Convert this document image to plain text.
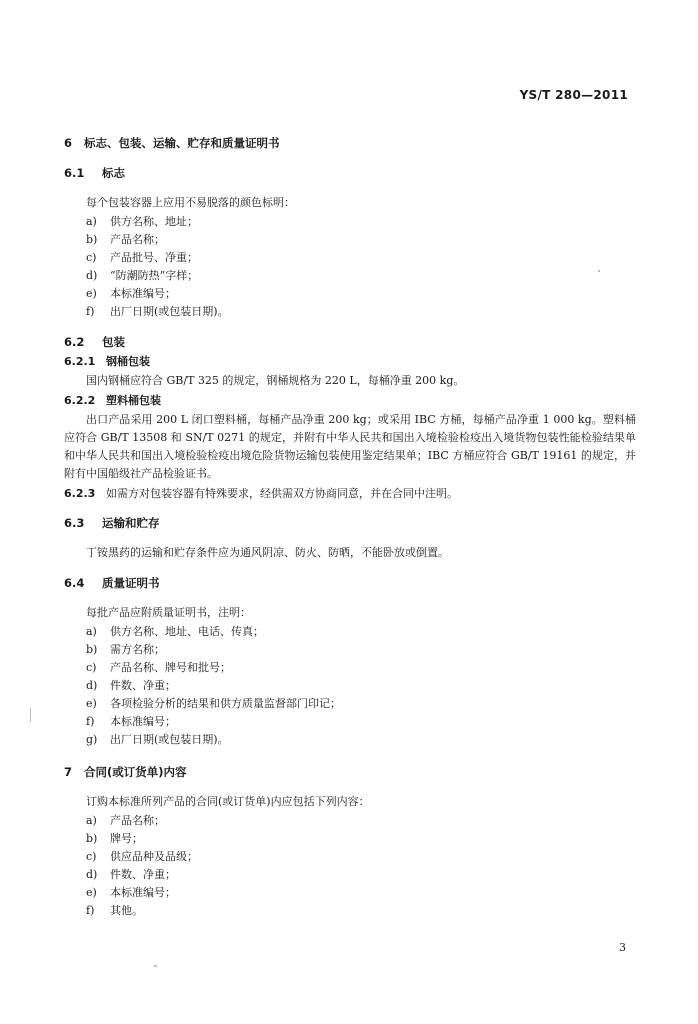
YS/T 280—2011
6 标志、包装、运输、贮存和质量证明书
6.1 标志
每个包装容器上应用不易脱落的颜色标明：
a) 供方名称、地址；
b) 产品名称；
c) 产品批号、净重；
d) “防潮防热”字样；
e) 本标准编号；
f) 出厂日期(或包装日期)。
6.2 包装
6.2.1 钢桶包装
国内钢桶应符合 GB/T 325 的规定，钢桶规格为 220 L，每桶净重 200 kg。
6.2.2 塑料桶包装
出口产品采用 200 L 闭口塑料桶，每桶产品净重 200 kg；或采用 IBC 方桶，每桶产品净重 1 000 kg。塑料桶应符合 GB/T 13508 和 SN/T 0271 的规定，并附有中华人民共和国出入境检验检疫出入境货物包装性能检验结果单和中华人民共和国出入境检验检疫出境危险货物运输包装使用鉴定结果单；IBC 方桶应符合 GB/T 19161 的规定，并附有中国船级社产品检验证书。
6.2.3 如需方对包装容器有特殊要求，经供需双方协商同意，并在合同中注明。
6.3 运输和贮存
丁铵黑药的运输和贮存条件应为通风阴凉、防火、防晒，不能卧放或倒置。
6.4 质量证明书
每批产品应附质量证明书，注明：
a) 供方名称、地址、电话、传真；
b) 需方名称；
c) 产品名称、牌号和批号；
d) 件数、净重；
e) 各项检验分析的结果和供方质量监督部门印记；
f) 本标准编号；
g) 出厂日期(或包装日期)。
7 合同(或订货单)内容
订购本标准所列产品的合同(或订货单)内应包括下列内容：
a) 产品名称；
b) 牌号；
c) 供应品种及品级；
d) 件数、净重；
e) 本标准编号；
f) 其他。
3
